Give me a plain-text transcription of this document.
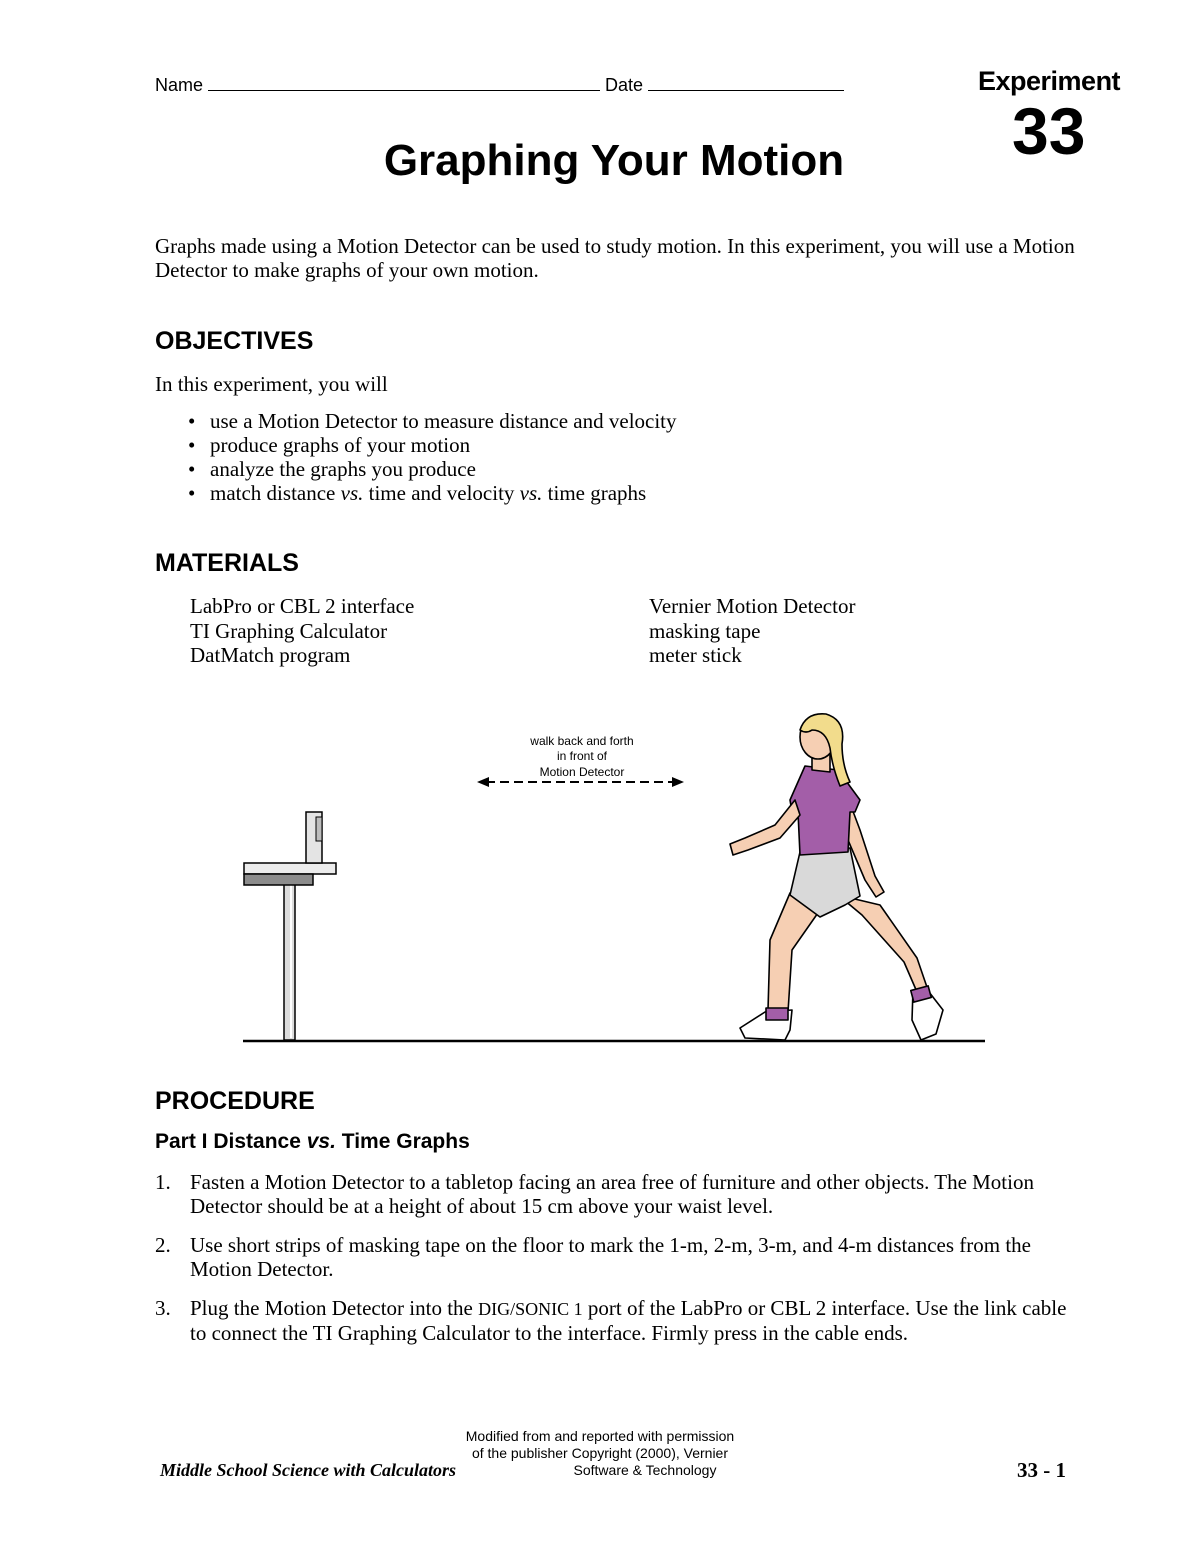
Name	Date	Experiment
33
Graphing Your Motion
Graphs made using a Motion Detector can be used to study motion. In this experiment, you will use a Motion Detector to make graphs of your own motion.
OBJECTIVES
In this experiment, you will
• use a Motion Detector to measure distance and velocity
• produce graphs of your motion
• analyze the graphs you produce
• match distance vs. time and velocity vs. time graphs
MATERIALS
LabPro or CBL 2 interface
TI Graphing Calculator
DatMatch program
Vernier Motion Detector
masking tape
meter stick
walk back and forth
in front of
Motion Detector
PROCEDURE
Part I Distance vs. Time Graphs
1. Fasten a Motion Detector to a tabletop facing an area free of furniture and other objects. The Motion Detector should be at a height of about 15 cm above your waist level.
2. Use short strips of masking tape on the floor to mark the 1-m, 2-m, 3-m, and 4-m distances from the Motion Detector.
3. Plug the Motion Detector into the DIG/SONIC 1 port of the LabPro or CBL 2 interface. Use the link cable to connect the TI Graphing Calculator to the interface. Firmly press in the cable ends.
Modified from and reported with permission
of the publisher Copyright (2000), Vernier
Software & Technology
Middle School Science with Calculators	33 - 1
